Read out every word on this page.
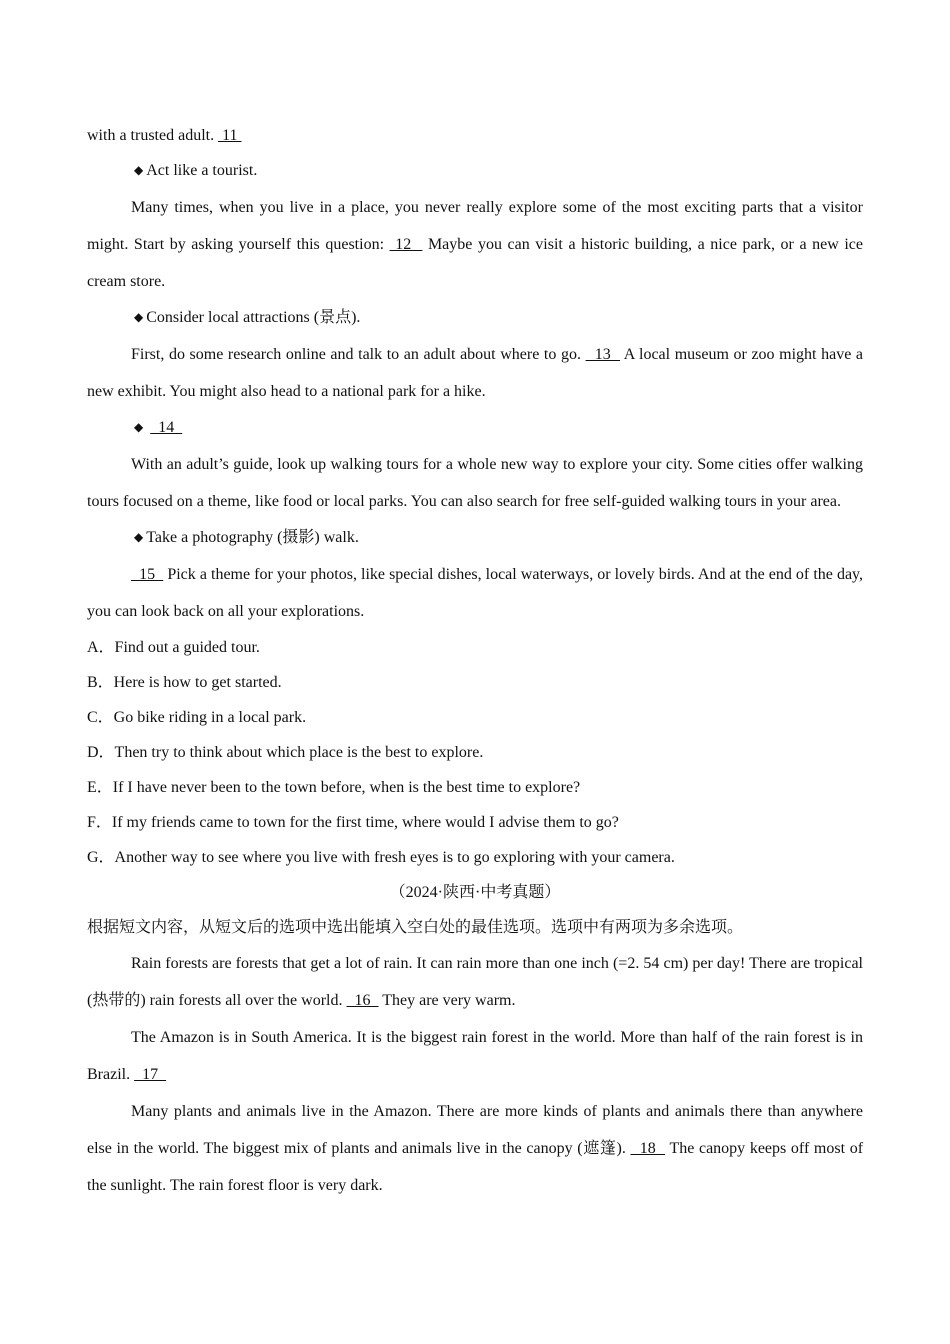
with a trusted adult.  11

◆ Act like a tourist.

Many times, when you live in a place, you never really explore some of the most exciting parts that a visitor might. Start by asking yourself this question:  12   Maybe you can visit a historic building, a nice park, or a new ice cream store.

◆ Consider local attractions (景点).

First, do some research online and talk to an adult about where to go.   13   A local museum or zoo might have a new exhibit. You might also head to a national park for a hike.

◆   14

With an adult’s guide, look up walking tours for a whole new way to explore your city. Some cities offer walking tours focused on a theme, like food or local parks. You can also search for free self-guided walking tours in your area.

◆ Take a photography (摄影) walk.

15   Pick a theme for your photos, like special dishes, local waterways, or lovely birds. And at the end of the day, you can look back on all your explorations.

A．Find out a guided tour.

B．Here is how to get started.

C．Go bike riding in a local park.

D．Then try to think about which place is the best to explore.

E．If I have never been to the town before, when is the best time to explore?

F．If my friends came to town for the first time, where would I advise them to go?

G．Another way to see where you live with fresh eyes is to go exploring with your camera.

（2024·陕西·中考真题）

根据短文内容，从短文后的选项中选出能填入空白处的最佳选项。选项中有两项为多余选项。

Rain forests are forests that get a lot of rain. It can rain more than one inch (=2. 54 cm) per day! There are tropical (热带的) rain forests all over the world.   16   They are very warm.

The Amazon is in South America. It is the biggest rain forest in the world. More than half of the rain forest is in Brazil.   17

Many plants and animals live in the Amazon. There are more kinds of plants and animals there than anywhere else in the world. The biggest mix of plants and animals live in the canopy (遮篷).   18   The canopy keeps off most of the sunlight. The rain forest floor is very dark.
